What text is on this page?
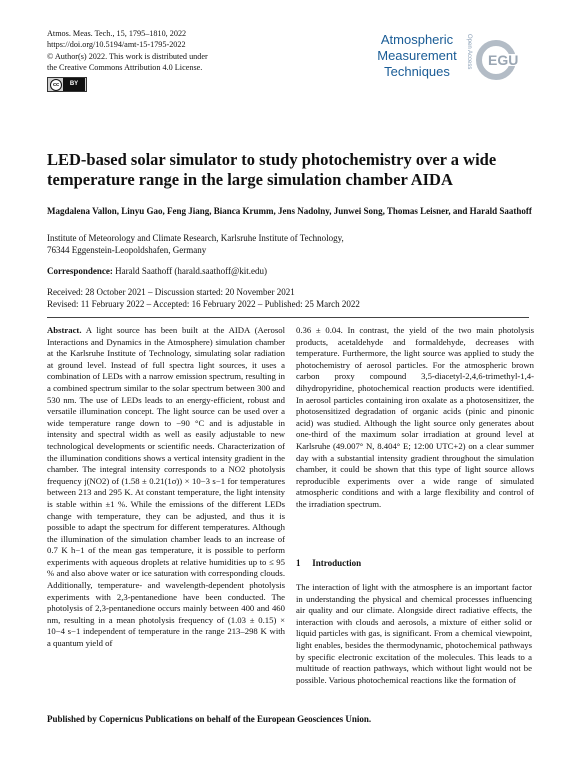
Atmos. Meas. Tech., 15, 1795–1810, 2022
https://doi.org/10.5194/amt-15-1795-2022
© Author(s) 2022. This work is distributed under
the Creative Commons Attribution 4.0 License.
cc	BY
Atmospheric
Measurement
Techniques
Open Access EGU
LED-based solar simulator to study photochemistry over a wide temperature range in the large simulation chamber AIDA
Magdalena Vallon, Linyu Gao, Feng Jiang, Bianca Krumm, Jens Nadolny, Junwei Song, Thomas Leisner, and Harald Saathoff
Institute of Meteorology and Climate Research, Karlsruhe Institute of Technology,
76344 Eggenstein-Leopoldshafen, Germany
Correspondence: Harald Saathoff (harald.saathoff@kit.edu)
Received: 28 October 2021 – Discussion started: 20 November 2021
Revised: 11 February 2022 – Accepted: 16 February 2022 – Published: 25 March 2022

Abstract. A light source has been built at the AIDA (Aerosol Interactions and Dynamics in the Atmosphere) simulation chamber at the Karlsruhe Institute of Technology, simulating solar radiation at ground level. Instead of full spectra light sources, it uses a combination of LEDs with a narrow emission spectrum, resulting in a combined spectrum similar to the solar spectrum between 300 and 530 nm. The use of LEDs leads to an energy-efficient, robust and versatile illumination concept. The light source can be used over a wide temperature range down to −90 °C and is adjustable in intensity and spectral width as well as easily adjustable to new technological developments or scientific needs. Characterization of the illumination conditions shows a vertical intensity gradient in the chamber. The integral intensity corresponds to a NO2 photolysis frequency j(NO2) of (1.58 ± 0.21(1σ)) × 10−3 s−1 for temperatures between 213 and 295 K. At constant temperature, the light intensity is stable within ±1 %. While the emissions of the different LEDs change with temperature, they can be adjusted, and thus it is possible to adapt the spectrum for different temperatures. Although the illumination of the simulation chamber leads to an increase of 0.7 K h−1 of the mean gas temperature, it is possible to perform experiments with aqueous droplets at relative humidities up to ≤ 95 % and also above water or ice saturation with corresponding clouds. Additionally, temperature- and wavelength-dependent photolysis experiments with 2,3-pentanedione have been conducted. The photolysis of 2,3-pentanedione occurs mainly between 400 and 460 nm, resulting in a mean photolysis frequency of (1.03 ± 0.15) × 10−4 s−1 independent of temperature in the range 213–298 K with a quantum yield of

0.36 ± 0.04. In contrast, the yield of the two main photolysis products, acetaldehyde and formaldehyde, decreases with temperature. Furthermore, the light source was applied to study the photochemistry of aerosol particles. For the atmospheric brown carbon proxy compound 3,5-diacetyl-2,4,6-trimethyl-1,4-dihydropyridine, photochemical reaction products were identified. In aerosol particles containing iron oxalate as a photosensitizer, the photosensitized degradation of organic acids (pinic and pinonic acid) was studied. Although the light source only generates about one-third of the maximum solar irradiation at ground level at Karlsruhe (49.007° N, 8.404° E; 12:00 UTC+2) on a clear summer day with a substantial intensity gradient throughout the simulation chamber, it could be shown that this type of light source allows reproducible experiments over a wide range of simulated atmospheric conditions and with a large flexibility and control of the irradiation spectrum.

1 Introduction
The interaction of light with the atmosphere is an important factor in understanding the physical and chemical processes influencing air quality and our climate. Alongside direct radiative effects, the interaction with clouds and aerosols, a mixture of either solid or liquid particles with gas, is significant. From a chemical viewpoint, light enables, besides the thermodynamic, photochemical pathways by specific electronic excitation of the molecules. This leads to a multitude of reaction pathways, which without light would not be possible. Various photochemical reactions like the formation of
Published by Copernicus Publications on behalf of the European Geosciences Union.
